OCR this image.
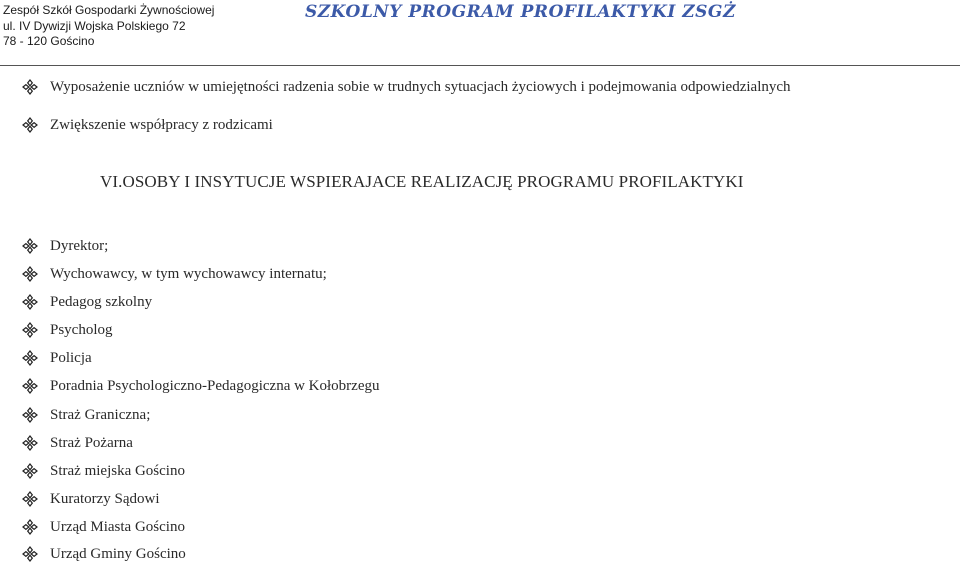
Zespół Szkół Gospodarki Żywnościowej
ul. IV Dywizji Wojska Polskiego 72
78 - 120 Gościno
SZKOLNY PROGRAM PROFILAKTYKI ZSGŻ
Wyposażenie uczniów w umiejętności radzenia sobie w trudnych sytuacjach życiowych i podejmowania odpowiedzialnych
Zwiększenie współpracy z rodzicami
VI.OSOBY I INSYTUCJE WSPIERAJACE REALIZACJĘ PROGRAMU PROFILAKTYKI
Dyrektor;
Wychowawcy, w tym wychowawcy internatu;
Pedagog szkolny
Psycholog
Policja
Poradnia Psychologiczno-Pedagogiczna w Kołobrzegu
Straż Graniczna;
Straż Pożarna
Straż miejska Gościno
Kuratorzy Sądowi
Urząd Miasta Gościno
Urząd Gminy Gościno
